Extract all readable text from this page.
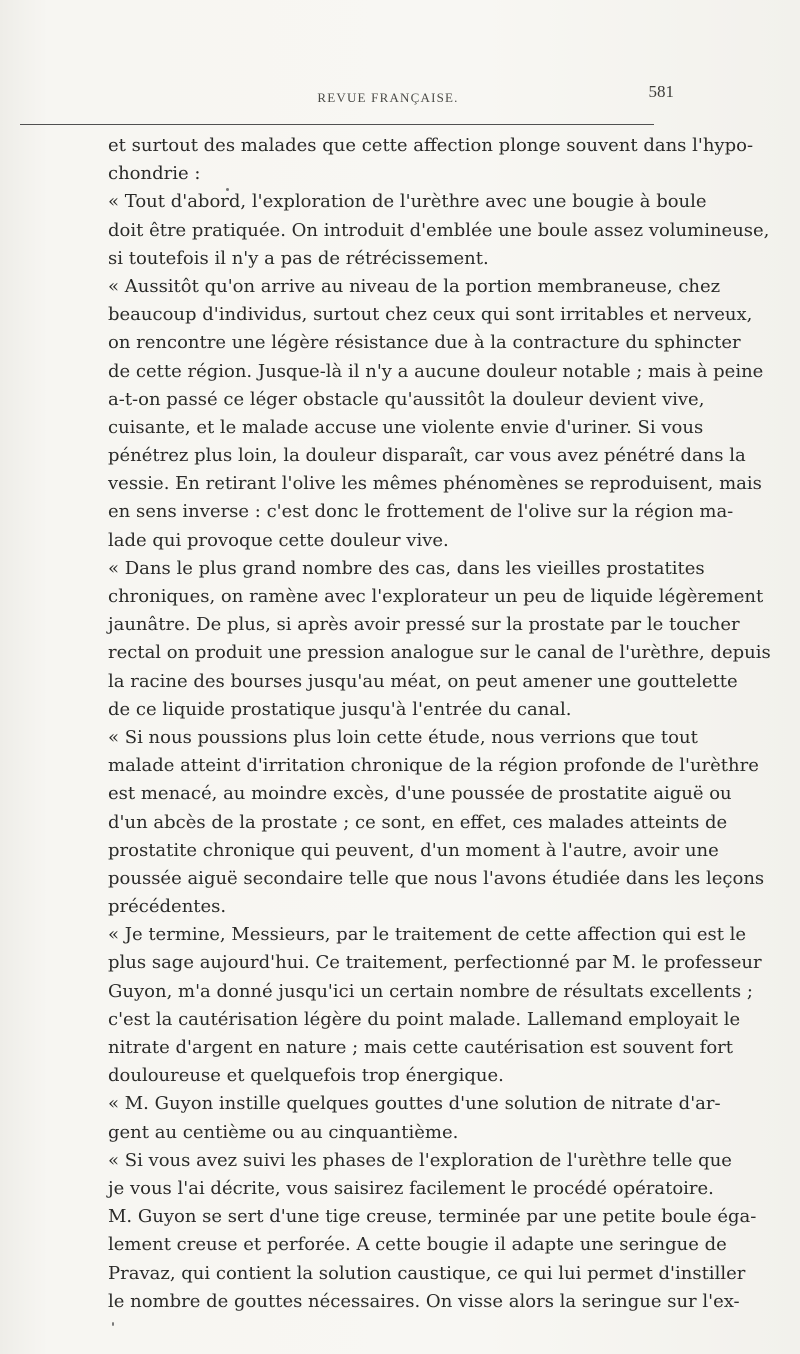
REVUE FRANÇAISE.	581
et surtout des malades que cette affection plonge souvent dans l'hypo-
chondrie :
« Tout d'abord, l'exploration de l'urèthre avec une bougie à boule
doit être pratiquée. On introduit d'emblée une boule assez volumineuse,
si toutefois il n'y a pas de rétrécissement.
« Aussitôt qu'on arrive au niveau de la portion membraneuse, chez
beaucoup d'individus, surtout chez ceux qui sont irritables et nerveux,
on rencontre une légère résistance due à la contracture du sphincter
de cette région. Jusque-là il n'y a aucune douleur notable ; mais à peine
a-t-on passé ce léger obstacle qu'aussitôt la douleur devient vive,
cuisante, et le malade accuse une violente envie d'uriner. Si vous
pénétrez plus loin, la douleur disparaît, car vous avez pénétré dans la
vessie. En retirant l'olive les mêmes phénomènes se reproduisent, mais
en sens inverse : c'est donc le frottement de l'olive sur la région ma-
lade qui provoque cette douleur vive.
« Dans le plus grand nombre des cas, dans les vieilles prostatites
chroniques, on ramène avec l'explorateur un peu de liquide légèrement
jaunâtre. De plus, si après avoir pressé sur la prostate par le toucher
rectal on produit une pression analogue sur le canal de l'urèthre, depuis
la racine des bourses jusqu'au méat, on peut amener une gouttelette
de ce liquide prostatique jusqu'à l'entrée du canal.
« Si nous poussions plus loin cette étude, nous verrions que tout
malade atteint d'irritation chronique de la région profonde de l'urèthre
est menacé, au moindre excès, d'une poussée de prostatite aiguë ou
d'un abcès de la prostate ; ce sont, en effet, ces malades atteints de
prostatite chronique qui peuvent, d'un moment à l'autre, avoir une
poussée aiguë secondaire telle que nous l'avons étudiée dans les leçons
précédentes.
« Je termine, Messieurs, par le traitement de cette affection qui est le
plus sage aujourd'hui. Ce traitement, perfectionné par M. le professeur
Guyon, m'a donné jusqu'ici un certain nombre de résultats excellents ;
c'est la cautérisation légère du point malade. Lallemand employait le
nitrate d'argent en nature ; mais cette cautérisation est souvent fort
douloureuse et quelquefois trop énergique.
« M. Guyon instille quelques gouttes d'une solution de nitrate d'ar-
gent au centième ou au cinquantième.
« Si vous avez suivi les phases de l'exploration de l'urèthre telle que
je vous l'ai décrite, vous saisirez facilement le procédé opératoire.
M. Guyon se sert d'une tige creuse, terminée par une petite boule éga-
lement creuse et perforée. A cette bougie il adapte une seringue de
Pravaz, qui contient la solution caustique, ce qui lui permet d'instiller
le nombre de gouttes nécessaires. On visse alors la seringue sur l'ex-
